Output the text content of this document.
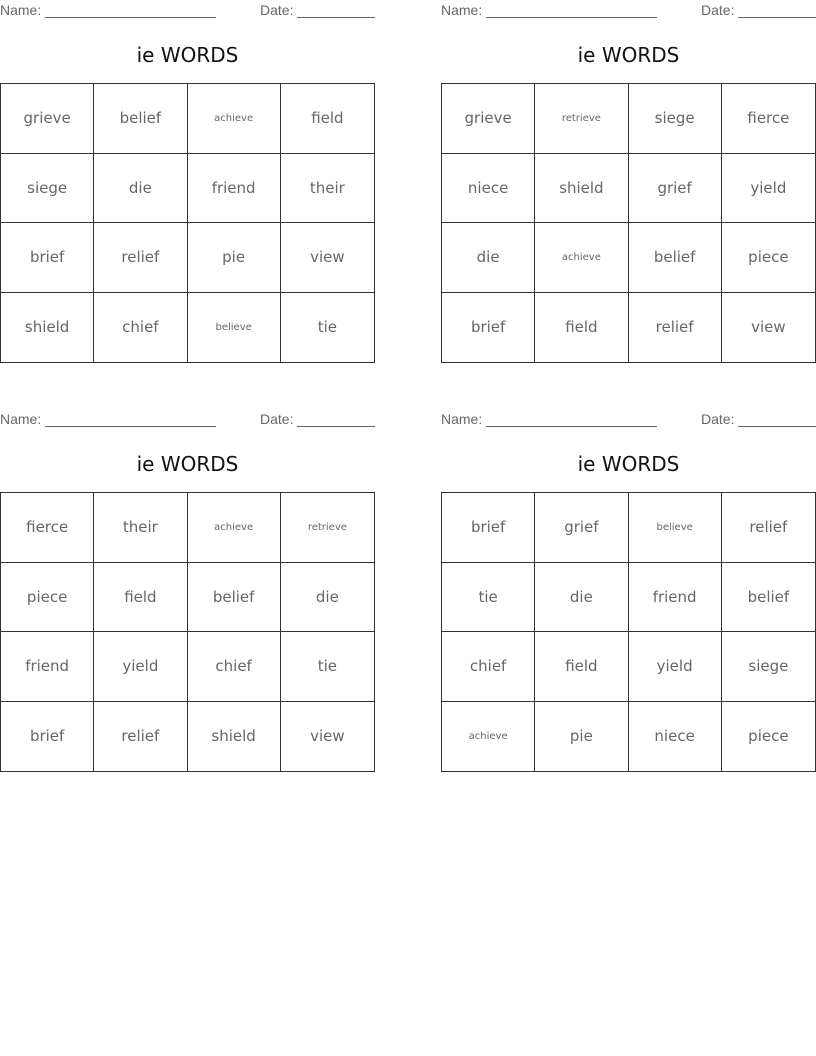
Name:	Date:
ie WORDS
grieve	belief	achieve	field
siege	die	friend	their
brief	relief	pie	view
shield	chief	believe	tie
Name:	Date:
ie WORDS
grieve	retrieve	siege	fierce
niece	shield	grief	yield
die	achieve	belief	piece
brief	field	relief	view
Name:	Date:
ie WORDS
fierce	their	achieve	retrieve
piece	field	belief	die
friend	yield	chief	tie
brief	relief	shield	view
Name:	Date:
ie WORDS
brief	grief	believe	relief
tie	die	friend	belief
chief	field	yield	siege
achieve	pie	niece	piece
